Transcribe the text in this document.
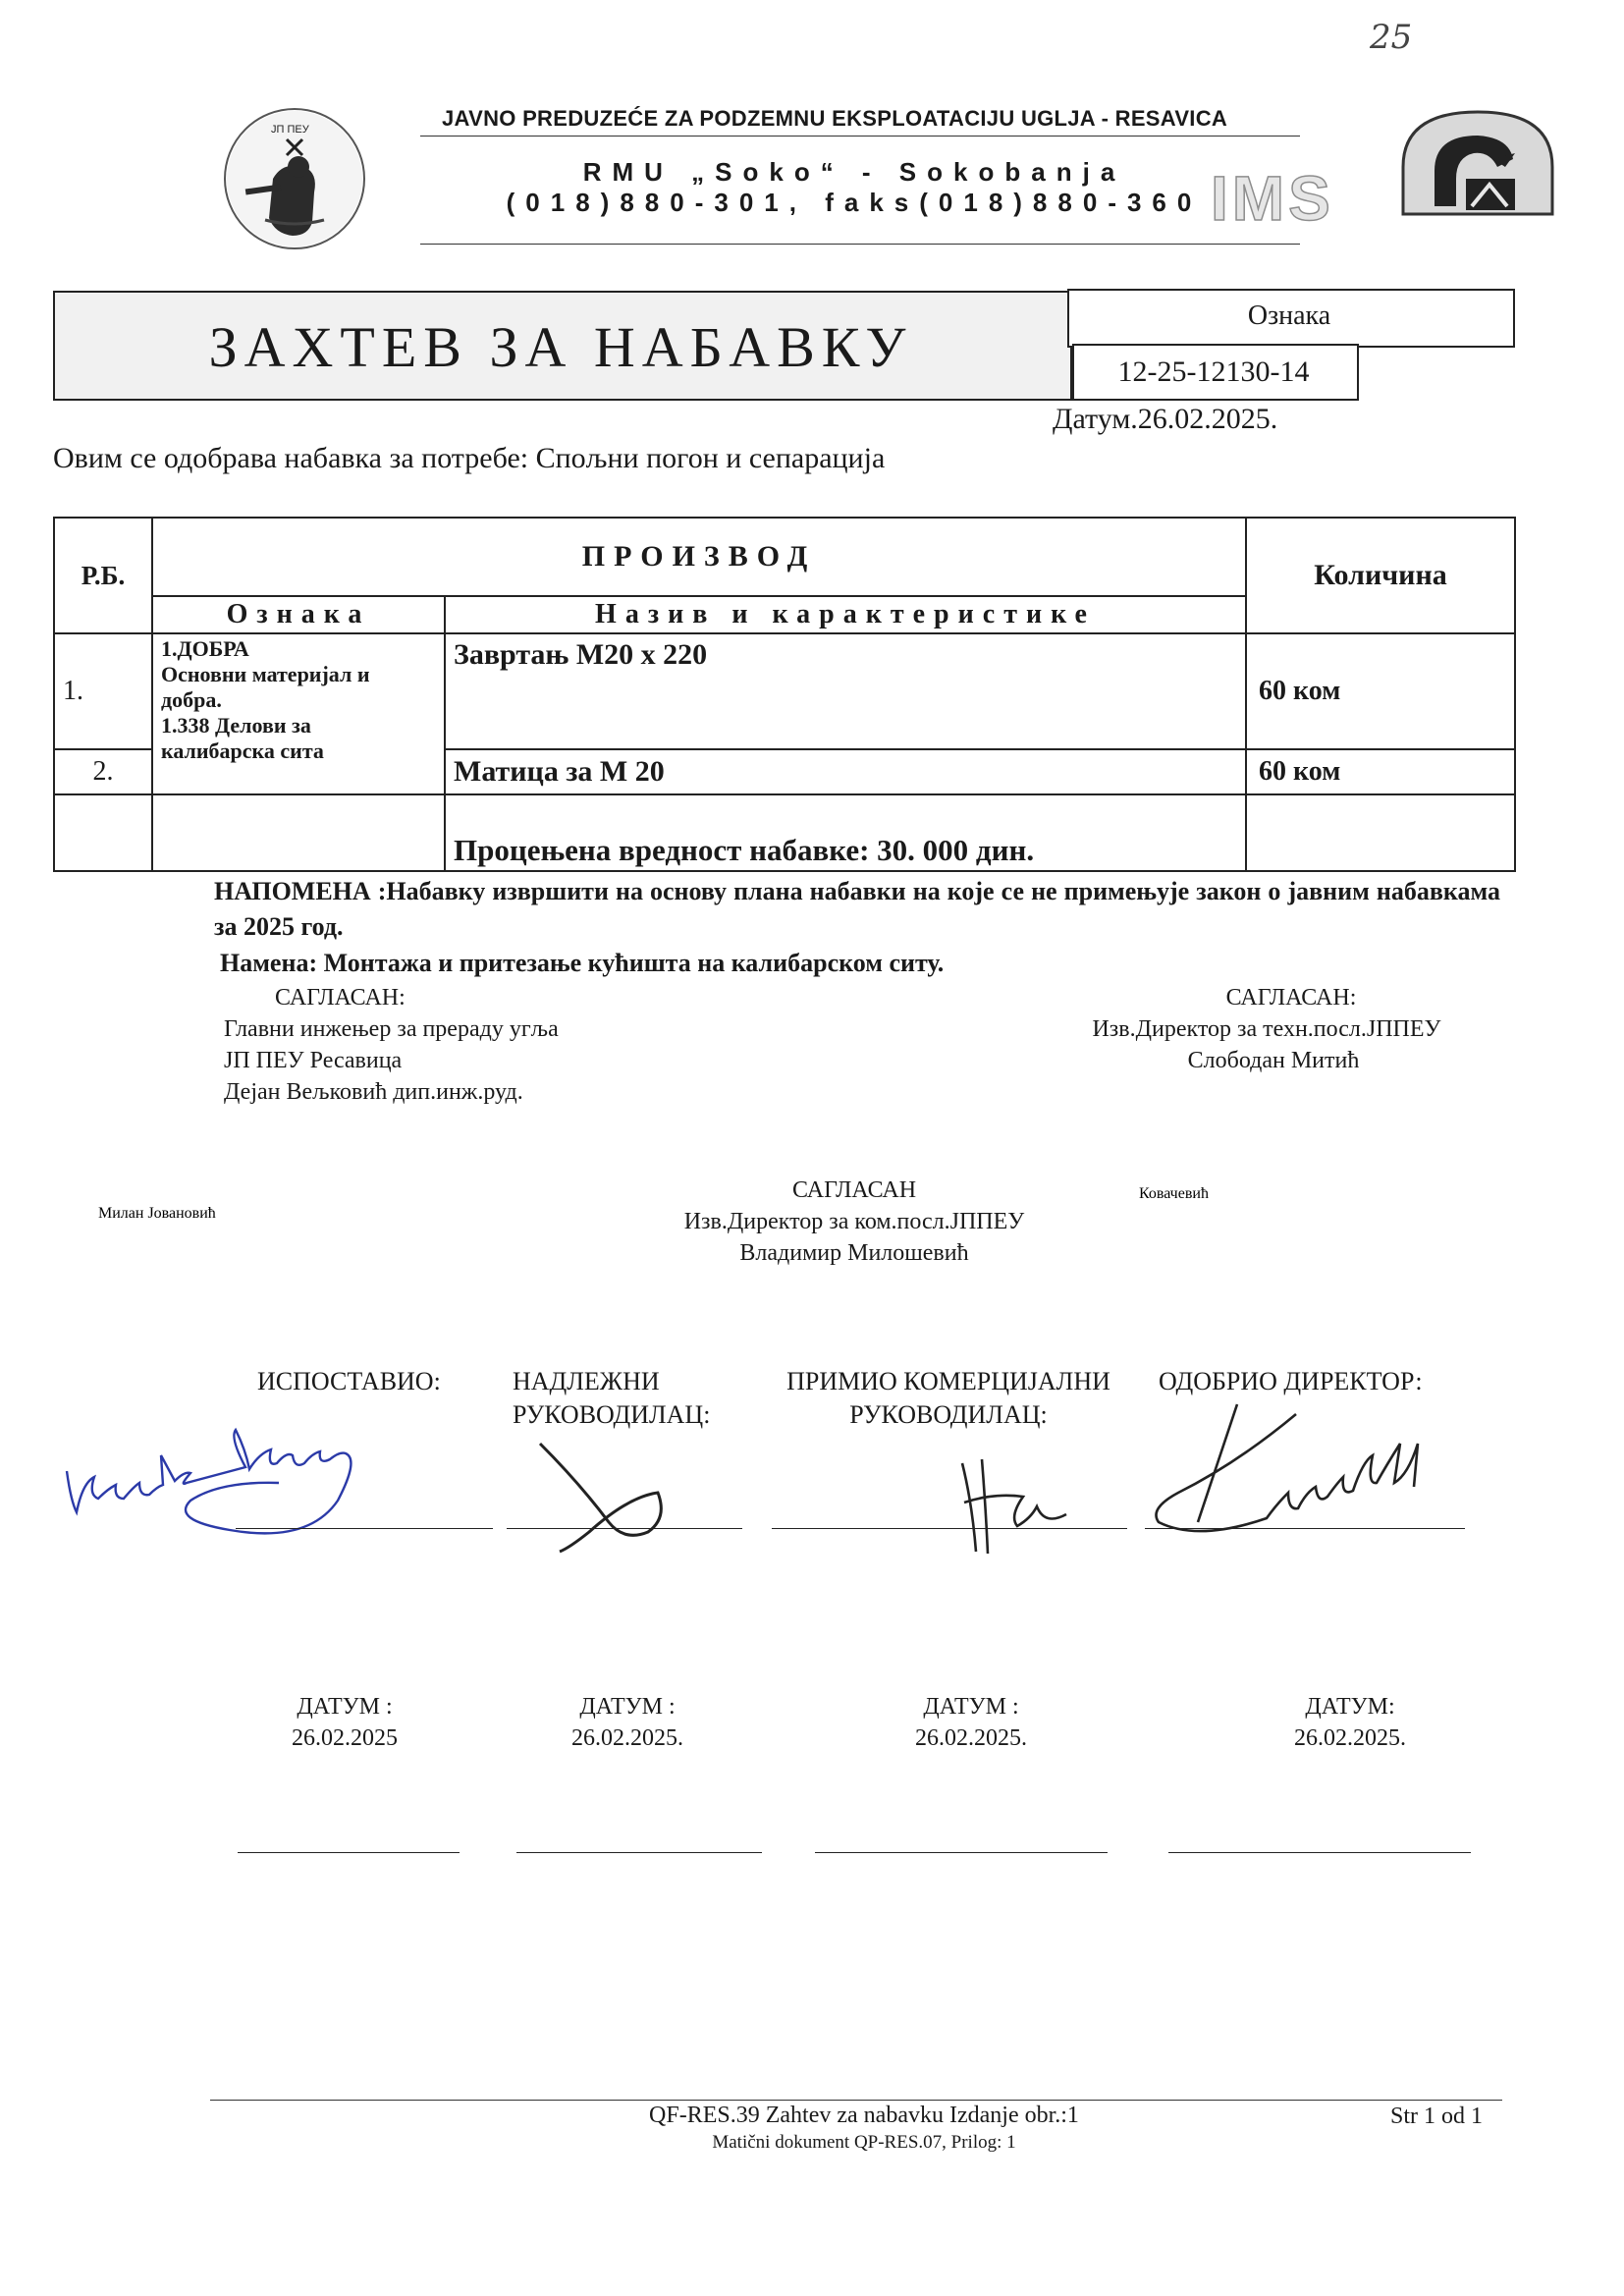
25
ЈП ПЕУ
IMS
JAVNO PREDUZEĆE ZA PODZEMNU EKSPLOATACIJU UGLJA - RESAVICA
RMU „Soko“ - Sokobanja
(018)880-301, faks(018)880-360
ЗАХТЕВ ЗА НАБАВКУ	Ознака
12-25-12130-14
Датум.26.02.2025.
Овим се одобрава набавка за потребе: Спољни погон и сепарација
Р.Б.	ПРОИЗВОД		Количина
	Ознака	Назив и карактеристике	
1.	1.ДОБРА
Основни материјал и
добра.
1.338 Делови за
калибарска сита	Завртањ М20 х 220	60 ком
2.		Матица за М 20	60 ком
		Процењена вредност набавке: 30. 000 дин.	
НАПОМЕНА :Набавку извршити на основу плана набавки на које се не примењује закон о јавним набавкама за 2025 год.
Намена: Монтажа и притезање кућишта на калибарском ситу.
САГЛАСАН:
Главни инжењер за прераду угља
ЈП ПЕУ Ресавица
Дејан Вељковић дип.инж.руд.
САГЛАСАН:
Изв.Директор за техн.посл.ЈППЕУ
Слободан Митић
САГЛАСАН
Изв.Директор за ком.посл.ЈППЕУ
Владимир Милошевић
ИСПОСТАВИО:	НАДЛЕЖНИ
РУКОВОДИЛАЦ:
ПРИМИО КОМЕРЦИЈАЛНИ
РУКОВОДИЛАЦ:
ОДОБРИО ДИРЕКТОР:
Милан Јовановић
Ковачевић
ДАТУМ :
26.02.2025
ДАТУМ :
26.02.2025.
ДАТУМ :
26.02.2025.
ДАТУМ:
26.02.2025.
QF-RES.39 Zahtev za nabavku Izdanje obr.:1
Matični dokument QP-RES.07, Prilog: 1
Str 1 od 1
